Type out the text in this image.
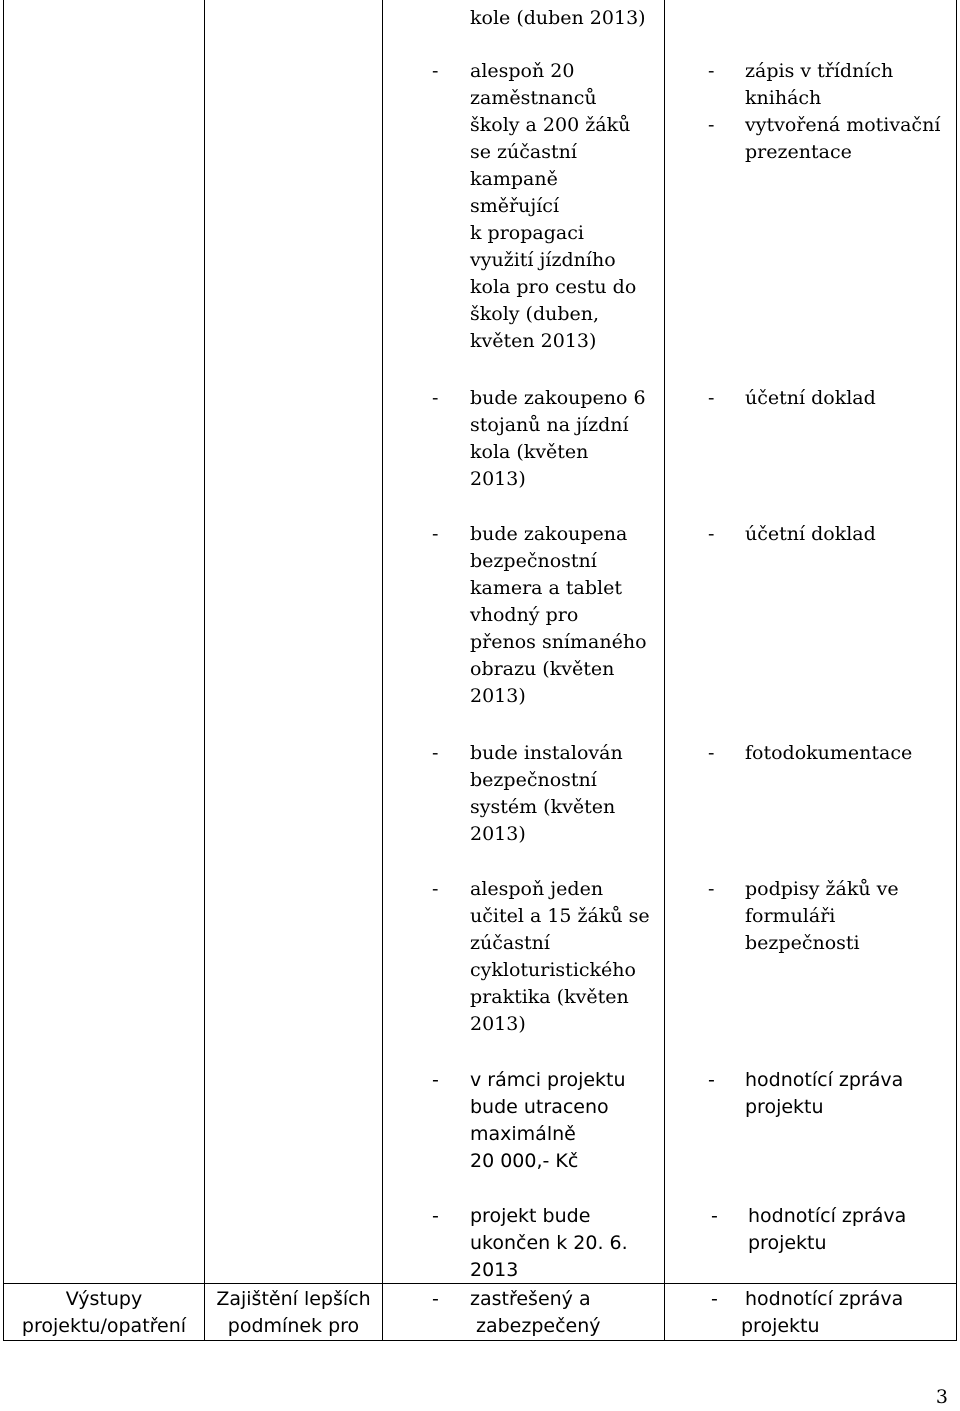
kole (duben 2013)
- alespoň 20
zaměstnanců
školy a 200 žáků
se zúčastní
kampaně
směřující
k propagaci
využití jízdního
kola pro cestu do
školy (duben,
květen 2013)
- bude zakoupeno 6
stojanů na jízdní
kola (květen
2013)
- bude zakoupena
bezpečnostní
kamera a tablet
vhodný pro
přenos snímaného
obrazu (květen
2013)
- bude instalován
bezpečnostní
systém (květen
2013)
- alespoň jeden
učitel a 15 žáků se
zúčastní
cykloturistického
praktika (květen
2013)
- v rámci projektu
bude utraceno
maximálně
20 000,- Kč
- projekt bude
ukončen k 20. 6.
2013
- zápis v třídních
knihách
- vytvořená motivační
prezentace
- účetní doklad
- účetní doklad
- fotodokumentace
- podpisy žáků ve
formuláři
bezpečnosti
- hodnotící zpráva
projektu
- hodnotící zpráva
projektu
Výstupy
projektu/opatření
Zajištění lepších
podmínek pro
- zastřešený a
zabezpečený
- hodnotící zpráva
projektu
3
